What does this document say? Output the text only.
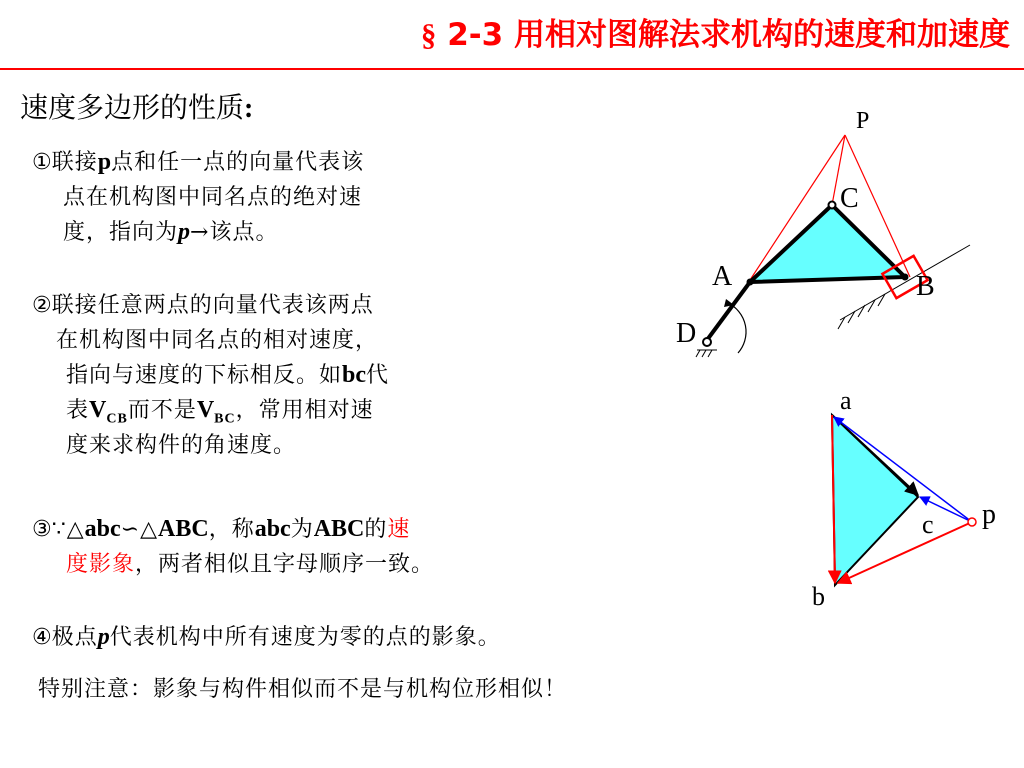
§ 2-3 用相对图解法求机构的速度和加速度
速度多边形的性质:
①联接p点和任一点的向量代表该
点在机构图中同名点的绝对速
度，指向为p→该点。
②联接任意两点的向量代表该两点
在机构图中同名点的相对速度，
指向与速度的下标相反。如bc代
表$V_{CB}$而不是$V_{BC}$，常用相对速
度来求构件的角速度。
③∵△abc∽△ABC，称abc为ABC的速
度影象，两者相似且字母顺序一致。
④极点p代表机构中所有速度为零的点的影象。
特别注意：影象与构件相似而不是与机构位形相似！
P
C
A	B
D
a
b
c p
